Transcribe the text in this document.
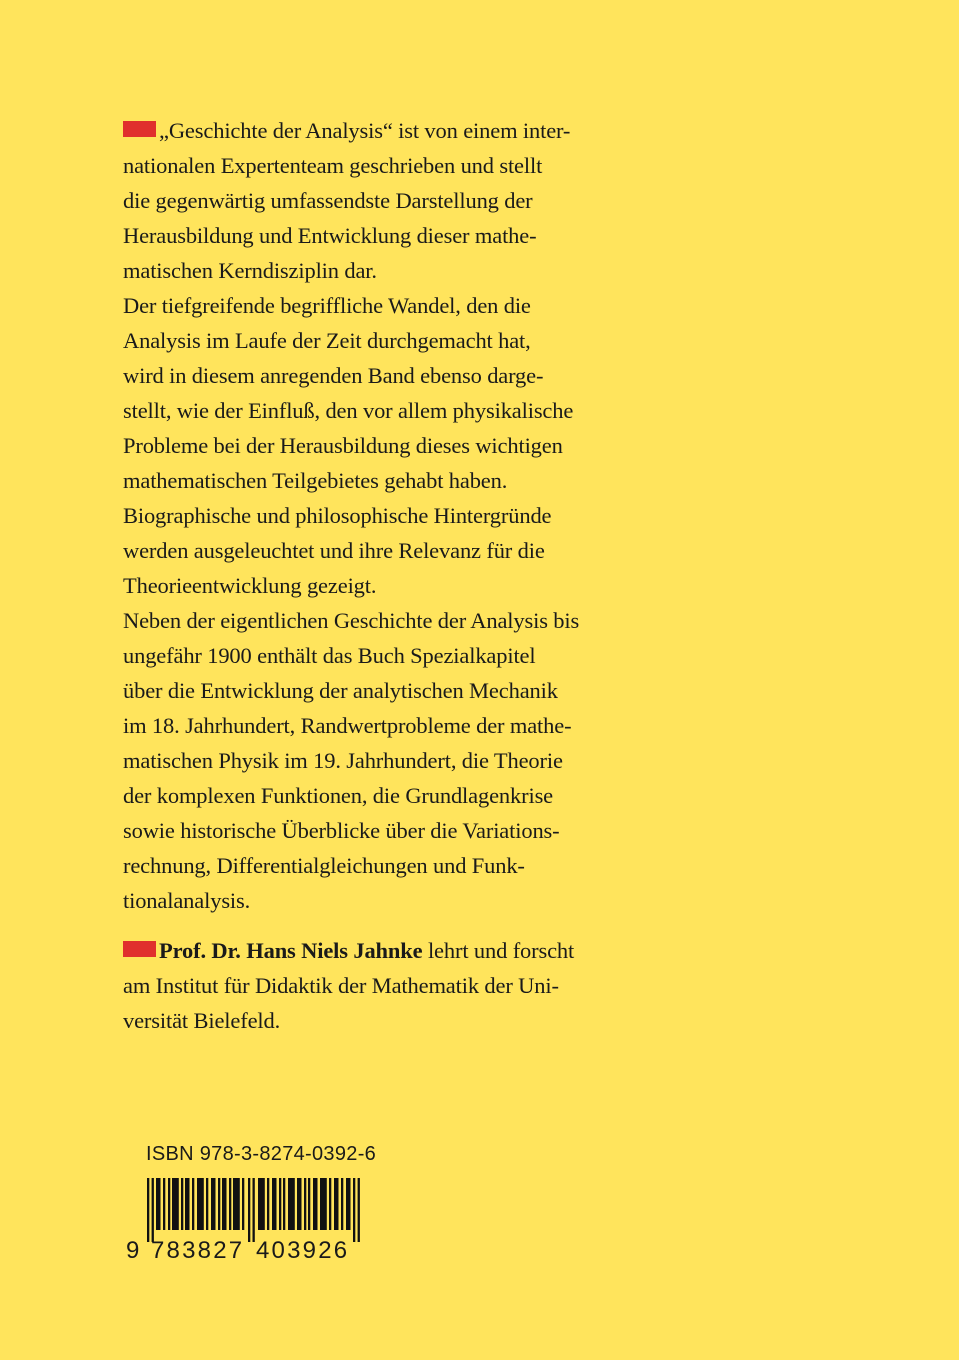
„Geschichte der Analysis“ ist von einem inter-
nationalen Expertenteam geschrieben und stellt
die gegenwärtig umfassendste Darstellung der
Herausbildung und Entwicklung dieser mathe-
matischen Kerndisziplin dar.
Der tiefgreifende begriffliche Wandel, den die
Analysis im Laufe der Zeit durchgemacht hat,
wird in diesem anregenden Band ebenso darge-
stellt, wie der Einfluß, den vor allem physikalische
Probleme bei der Herausbildung dieses wichtigen
mathematischen Teilgebietes gehabt haben.
Biographische und philosophische Hintergründe
werden ausgeleuchtet und ihre Relevanz für die
Theorieentwicklung gezeigt.
Neben der eigentlichen Geschichte der Analysis bis
ungefähr 1900 enthält das Buch Spezialkapitel
über die Entwicklung der analytischen Mechanik
im 18. Jahrhundert, Randwertprobleme der mathe-
matischen Physik im 19. Jahrhundert, die Theorie
der komplexen Funktionen, die Grundlagenkrise
sowie historische Überblicke über die Variations-
rechnung, Differentialgleichungen und Funk-
tionalanalysis.
Prof. Dr. Hans Niels Jahnke lehrt und forscht
am Institut für Didaktik der Mathematik der Uni-
versität Bielefeld.
ISBN 978-3-8274-0392-6
9 783827 403926
